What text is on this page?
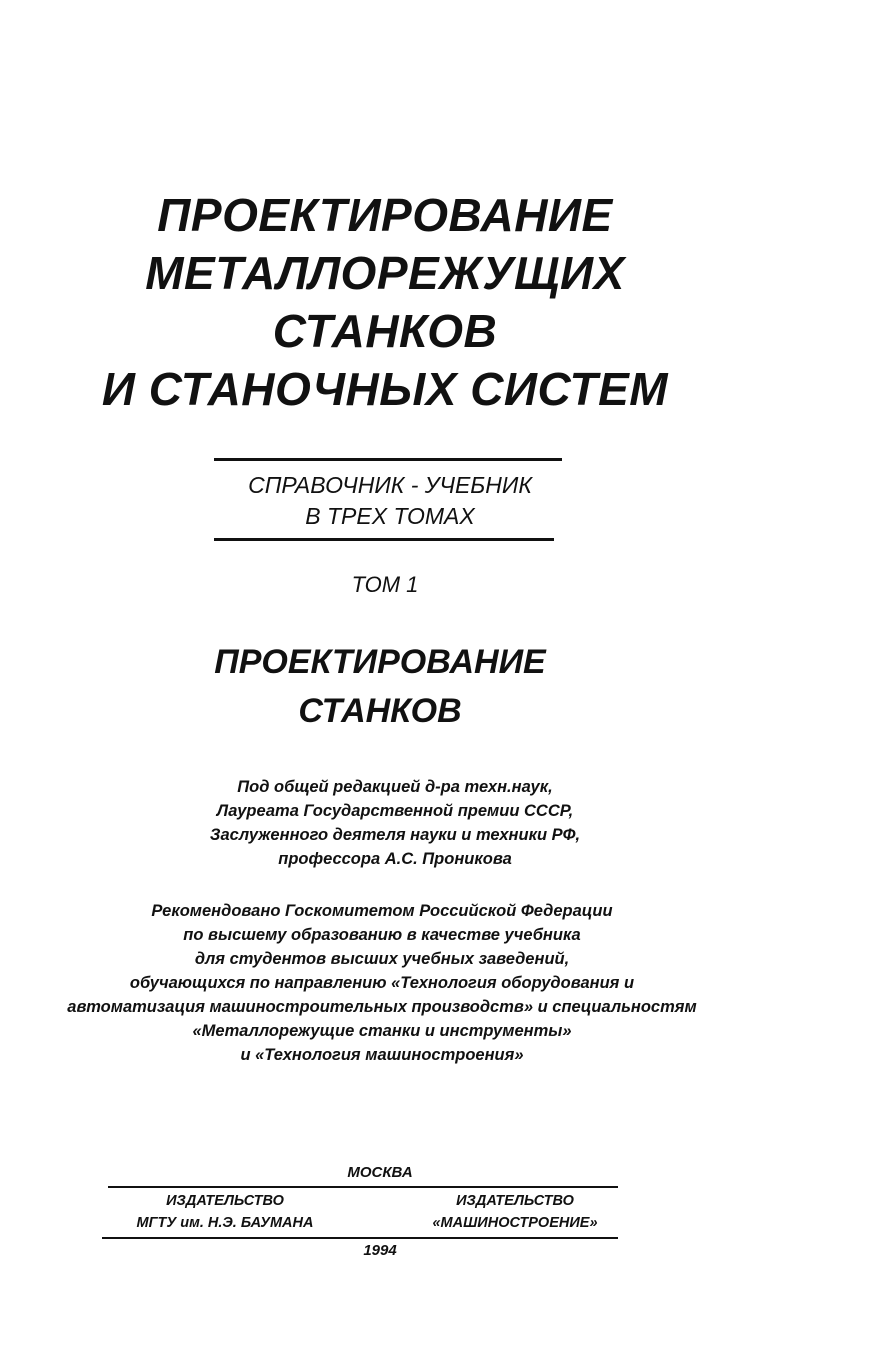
ПРОЕКТИРОВАНИЕ
МЕТАЛЛОРЕЖУЩИХ
СТАНКОВ
И СТАНОЧНЫХ СИСТЕМ
СПРАВОЧНИК - УЧЕБНИК
В ТРЕХ ТОМАХ
ТОМ 1
ПРОЕКТИРОВАНИЕ
СТАНКОВ
Под общей редакцией д-ра техн.наук,
Лауреата Государственной премии СССР,
Заслуженного деятеля науки и техники РФ,
профессора А.С. Проникова
Рекомендовано Госкомитетом Российской Федерации
по высшему образованию в качестве учебника
для студентов высших учебных заведений,
обучающихся по направлению «Технология оборудования и
автоматизация машиностроительных производств» и специальностям
«Металлорежущие станки и инструменты»
и «Технология машиностроения»
МОСКВА
ИЗДАТЕЛЬСТВО
МГТУ им. Н.Э. БАУМАНА
ИЗДАТЕЛЬСТВО
«МАШИНОСТРОЕНИЕ»
1994
